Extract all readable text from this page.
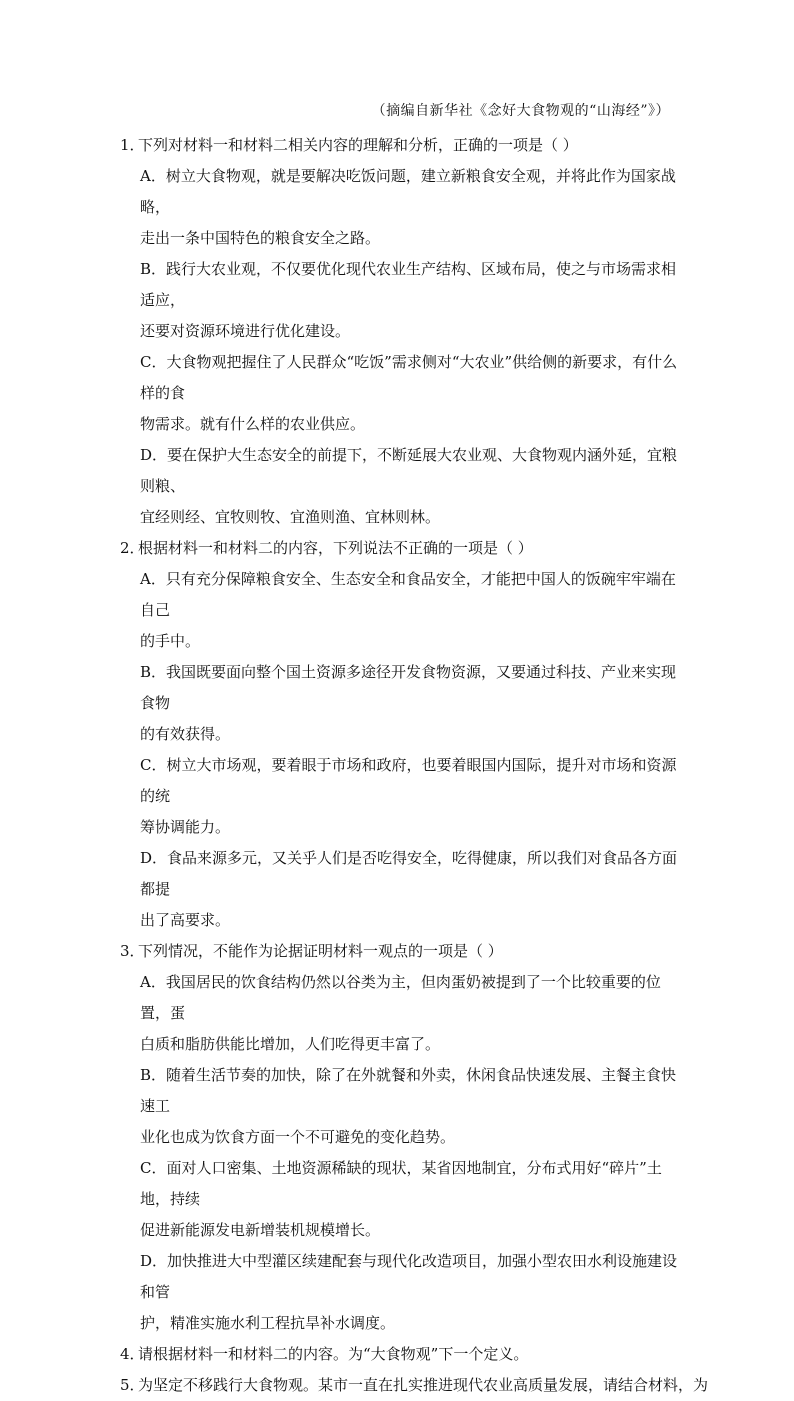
（摘编自新华社《念好大食物观的“山海经”》）
1．下列对材料一和材料二相关内容的理解和分析，正确的一项是（ ）
A．树立大食物观，就是要解决吃饭问题，建立新粮食安全观，并将此作为国家战略，
走出一条中国特色的粮食安全之路。
B．践行大农业观，不仅要优化现代农业生产结构、区域布局，使之与市场需求相适应，
还要对资源环境进行优化建设。
C．大食物观把握住了人民群众“吃饭”需求侧对“大农业”供给侧的新要求，有什么样的食
物需求。就有什么样的农业供应。
D．要在保护大生态安全的前提下，不断延展大农业观、大食物观内涵外延，宜粮则粮、
宜经则经、宜牧则牧、宜渔则渔、宜林则林。
2．根据材料一和材料二的内容，下列说法不正确的一项是（ ）
A．只有充分保障粮食安全、生态安全和食品安全，才能把中国人的饭碗牢牢端在自己
的手中。
B．我国既要面向整个国土资源多途径开发食物资源，又要通过科技、产业来实现食物
的有效获得。
C．树立大市场观，要着眼于市场和政府，也要着眼国内国际，提升对市场和资源的统
筹协调能力。
D．食品来源多元，又关乎人们是否吃得安全，吃得健康，所以我们对食品各方面都提
出了高要求。
3．下列情况，不能作为论据证明材料一观点的一项是（ ）
A．我国居民的饮食结构仍然以谷类为主，但肉蛋奶被提到了一个比较重要的位置，蛋
白质和脂肪供能比增加，人们吃得更丰富了。
B．随着生活节奏的加快，除了在外就餐和外卖，休闲食品快速发展、主餐主食快速工
业化也成为饮食方面一个不可避免的变化趋势。
C．面对人口密集、土地资源稀缺的现状，某省因地制宜，分布式用好“碎片”土地，持续
促进新能源发电新增装机规模增长。
D．加快推进大中型灌区续建配套与现代化改造项目，加强小型农田水利设施建设和管
护，精准实施水利工程抗旱补水调度。
4．请根据材料一和材料二的内容。为“大食物观”下一个定义。
5．为坚定不移践行大食物观。某市一直在扎实推进现代农业高质量发展，请结合材料，为
